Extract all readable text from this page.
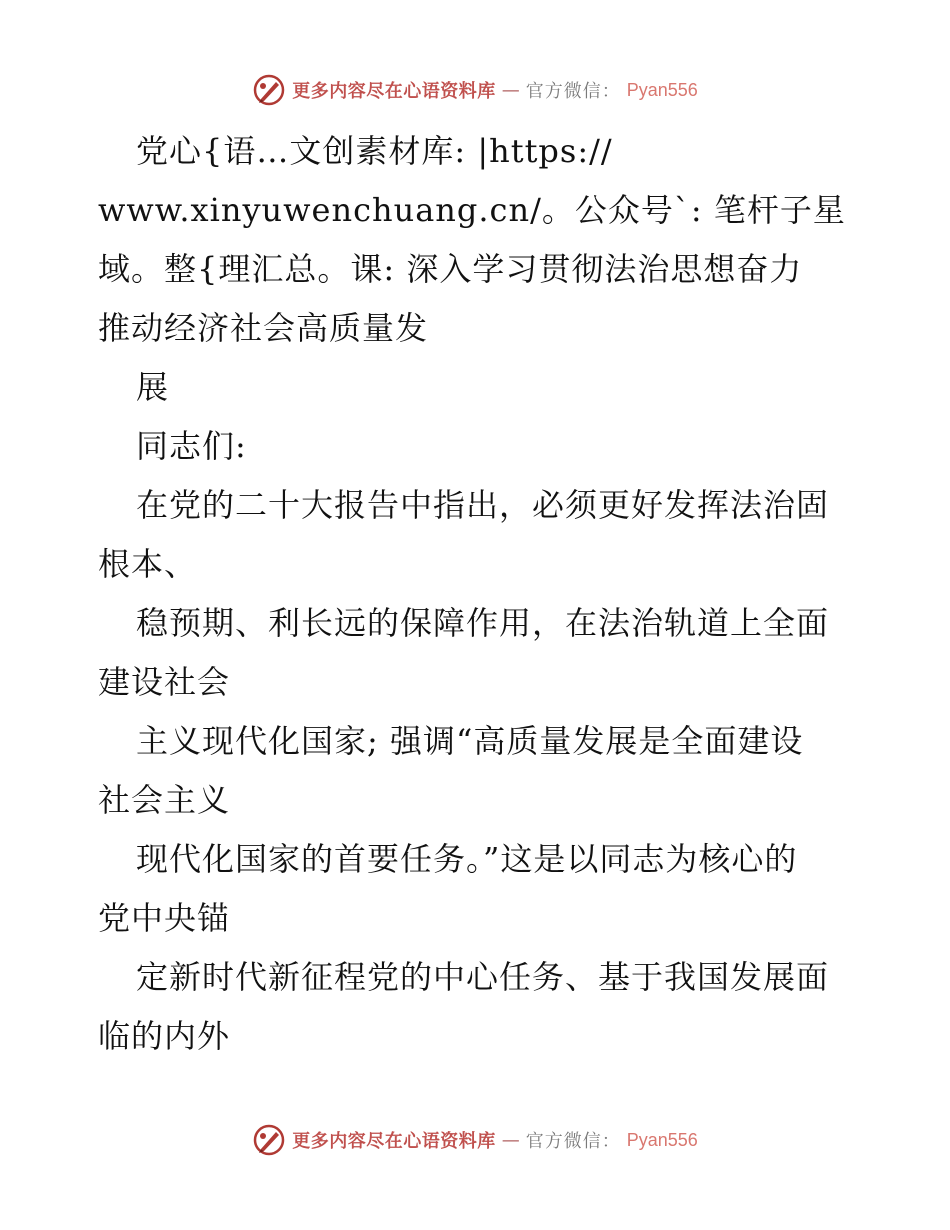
更多内容尽在心语资料库 — 官方微信： Pyan556
党心{语…文创素材库: |https://
www.xinyuwenchuang.cn/。公众号`: 笔杆子星
域。整{理汇总。课: 深入学习贯彻法治思想奋力
推动经济社会高质量发
展
同志们:
在党的二十大报告中指出，必须更好发挥法治固
根本、
稳预期、利长远的保障作用，在法治轨道上全面
建设社会
主义现代化国家; 强调“高质量发展是全面建设
社会主义
现代化国家的首要任务。”这是以同志为核心的
党中央锚
定新时代新征程党的中心任务、基于我国发展面
临的内外
更多内容尽在心语资料库 — 官方微信： Pyan556
